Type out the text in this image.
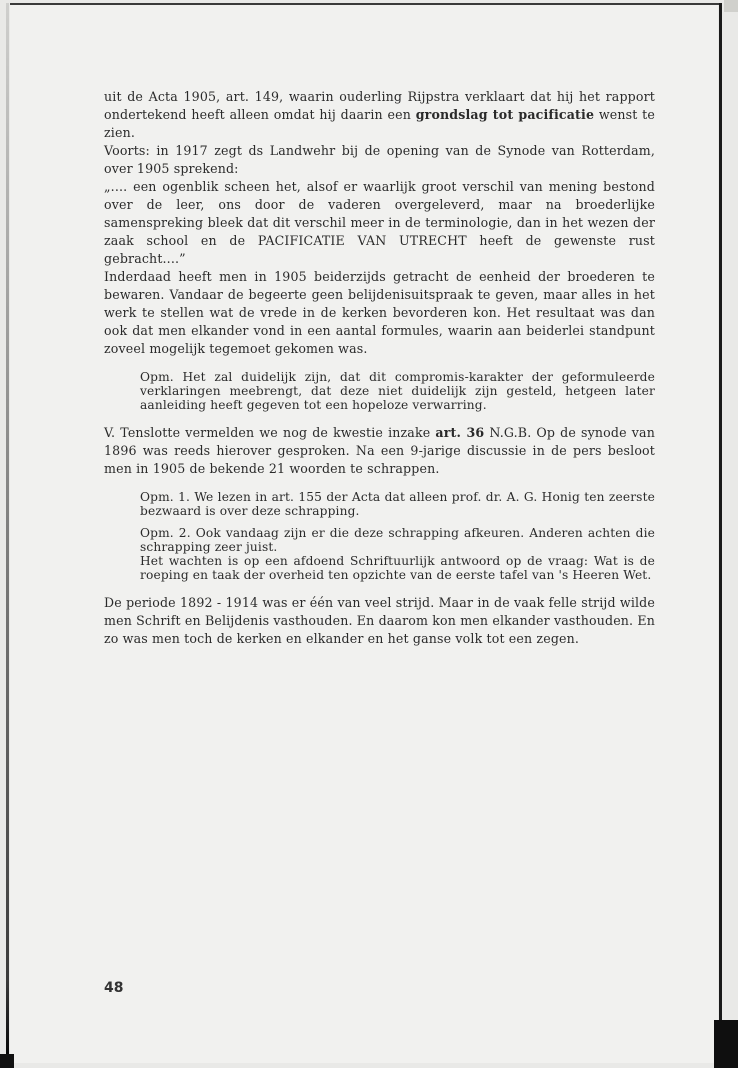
uit de Acta 1905, art. 149, waarin ouderling Rijpstra verklaart dat hij het rapport ondertekend heeft alleen omdat hij daarin een grondslag tot pacificatie wenst te zien.

Voorts: in 1917 zegt ds Landwehr bij de opening van de Synode van Rotterdam, over 1905 sprekend:

„.... een ogenblik scheen het, alsof er waarlijk groot verschil van mening bestond over de leer, ons door de vaderen overgeleverd, maar na broederlijke samenspreking bleek dat dit verschil meer in de terminologie, dan in het wezen der zaak school en de PACIFICATIE VAN UTRECHT heeft de gewenste rust gebracht....”

Inderdaad heeft men in 1905 beiderzijds getracht de eenheid der broederen te bewaren. Vandaar de begeerte geen belijdenisuitspraak te geven, maar alles in het werk te stellen wat de vrede in de kerken bevorderen kon. Het resultaat was dan ook dat men elkander vond in een aantal formules, waarin aan beiderlei standpunt zoveel mogelijk tegemoet gekomen was.

Opm. Het zal duidelijk zijn, dat dit compromis-karakter der geformuleerde verklaringen meebrengt, dat deze niet duidelijk zijn gesteld, hetgeen later aanleiding heeft gegeven tot een hopeloze verwarring.

V. Tenslotte vermelden we nog de kwestie inzake art. 36 N.G.B. Op de synode van 1896 was reeds hierover gesproken. Na een 9-jarige discussie in de pers besloot men in 1905 de bekende 21 woorden te schrappen.

Opm. 1. We lezen in art. 155 der Acta dat alleen prof. dr. A. G. Honig ten zeerste bezwaard is over deze schrapping.

Opm. 2. Ook vandaag zijn er die deze schrapping afkeuren. Anderen achten die schrapping zeer juist.

Het wachten is op een afdoend Schriftuurlijk antwoord op de vraag: Wat is de roeping en taak der overheid ten opzichte van de eerste tafel van 's Heeren Wet.

De periode 1892 - 1914 was er één van veel strijd. Maar in de vaak felle strijd wilde men Schrift en Belijdenis vasthouden. En daarom kon men elkander vasthouden. En zo was men toch de kerken en elkander en het ganse volk tot een zegen.

48
